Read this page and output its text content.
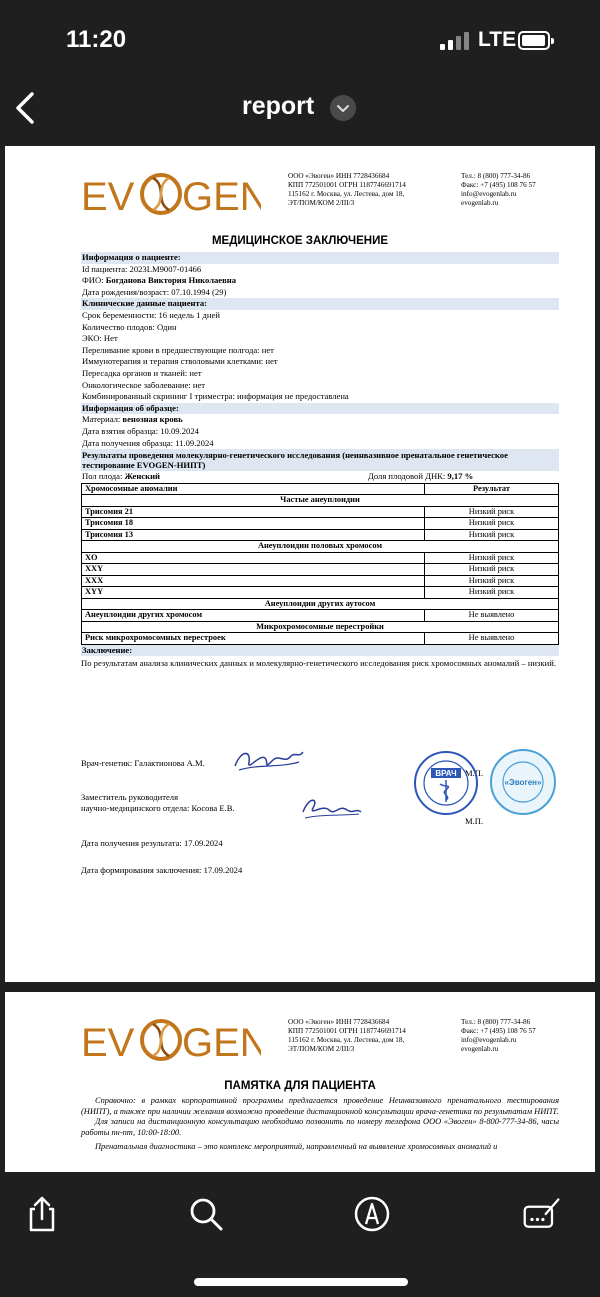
11:20	LTE
report
EV GEN	ООО «Эвоген» ИНН 7728436684
КПП 772501001 ОГРН 1187746691714
115162 г. Москва, ул. Лестева, дом 18,
ЭТ/ПОМ/КОМ 2/III/3
Тел.: 8 (800) 777-34-86
Факс: +7 (495) 108 76 57
info@evogenlab.ru
evogenlab.ru
МЕДИЦИНСКОЕ ЗАКЛЮЧЕНИЕ
Информация о пациенте:
Id пациента: 2023LM9007-01466
ФИО: Богданова Виктория Николаевна
Дата рождения/возраст: 07.10.1994 (29)
Клинические данные пациента:
Срок беременности: 16 недель 1 дней
Количество плодов: Один
ЭКО: Нет
Переливание крови в предшествующие полгода: нет
Иммунотерапия и терапия стволовыми клетками: нет
Пересадка органов и тканей: нет
Онкологическое заболевание: нет
Комбинированный скрининг I триместра: информация не предоставлена
Информация об образце:
Материал: венозная кровь
Дата взятия образца: 10.09.2024
Дата получения образца: 11.09.2024
Результаты проведения молекулярно-генетического исследования (неинвазивное пренатальное генетическое тестирование EVOGEN-НИПТ)
Пол плода: Женский	Доля плодовой ДНК: 9,17 %
Хромосомные аномалии	Результат
Частые анеуплоидии	
Трисомия 21	Низкий риск
Трисомия 18	Низкий риск
Трисомия 13	Низкий риск
Анеуплоидии половых хромосом	
XO	Низкий риск
XXY	Низкий риск
XXX	Низкий риск
XYY	Низкий риск
Анеуплоидии других аутосом	
Анеуплоидии других хромосом	Не выявлено
Микрохромосомные перестройки	
Риск микрохромосомных перестроек	Не выявлено
Заключение:
По результатам анализа клинических данных и молекулярно-генетического исследования риск хромосомных аномалий – низкий.
Врач-генетик: Галактионова А.М.
Заместитель руководителя
научно-медицинского отдела: Косова Е.В.
М.П.
М.П.
ВРАЧ
«Эвоген»
Дата получения результата: 17.09.2024
Дата формирования заключения: 17.09.2024
EV GEN	ООО «Эвоген» ИНН 7728436684
КПП 772501001 ОГРН 1187746691714
115162 г. Москва, ул. Лестева, дом 18,
ЭТ/ПОМ/КОМ 2/III/3
Тел.: 8 (800) 777-34-86
Факс: +7 (495) 108 76 57
info@evogenlab.ru
evogenlab.ru
ПАМЯТКА ДЛЯ ПАЦИЕНТА

Справочно: в рамках корпоративной программы предлагается проведение Неинвазивного пренатального тестирования (НИПТ), а также при наличии желания возможно проведение дистанционной консультации врача-генетика по результатам НИПТ.

Для записи на дистанционную консультацию необходимо позвонить по номеру телефона ООО «Эвоген» 8-800-777-34-86, часы работы пн-пт, 10:00-18:00.

Пренатальная диагностика – это комплекс мероприятий, направленный на выявление хромосомных аномалий и
